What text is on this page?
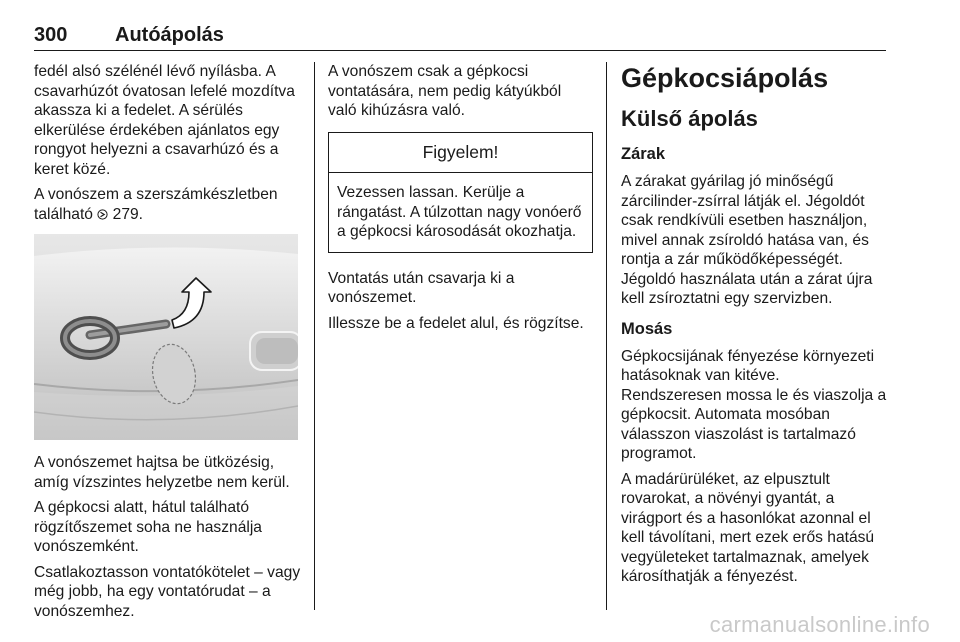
300 Autóápolás

fedél alsó szélénél lévő nyílásba. A csavarhúzót óvatosan lefelé mozdítva akassza ki a fedelet. A sérülés elkerülése érdekében ajánlatos egy rongyot helyezni a csavarhúzó és a keret közé.

A vonószem a szerszámkészletben található  279.

A vonószemet hajtsa be ütközésig, amíg vízszintes helyzetbe nem kerül.

A gépkocsi alatt, hátul található rögzítőszemet soha ne használja vonószemként.

Csatlakoztasson vontatókötelet – vagy még jobb, ha egy vontatórudat – a vonószemhez.

A vonószem csak a gépkocsi vontatására, nem pedig kátyúkból való kihúzásra való.

Figyelem!
Vezessen lassan. Kerülje a rángatást. A túlzottan nagy vonóerő a gépkocsi károsodását okozhatja.

Vontatás után csavarja ki a vonószemet.

Illessze be a fedelet alul, és rögzítse.

Gépkocsiápolás
Külső ápolás
Zárak

A zárakat gyárilag jó minőségű zárcilinder-zsírral látják el. Jégoldót csak rendkívüli esetben használjon, mivel annak zsíroldó hatása van, és rontja a zár működőképességét. Jégoldó használata után a zárat újra kell zsíroztatni egy szervizben.

Mosás

Gépkocsijának fényezése környezeti hatásoknak van kitéve.

Rendszeresen mossa le és viaszolja a gépkocsit. Automata mosóban válasszon viaszolást is tartalmazó programot.

A madárürüléket, az elpusztult rovarokat, a növényi gyantát, a virágport és a hasonlókat azonnal el kell távolítani, mert ezek erős hatású vegyületeket tartalmaznak, amelyek károsíthatják a fényezést.

carmanualsonline.info
